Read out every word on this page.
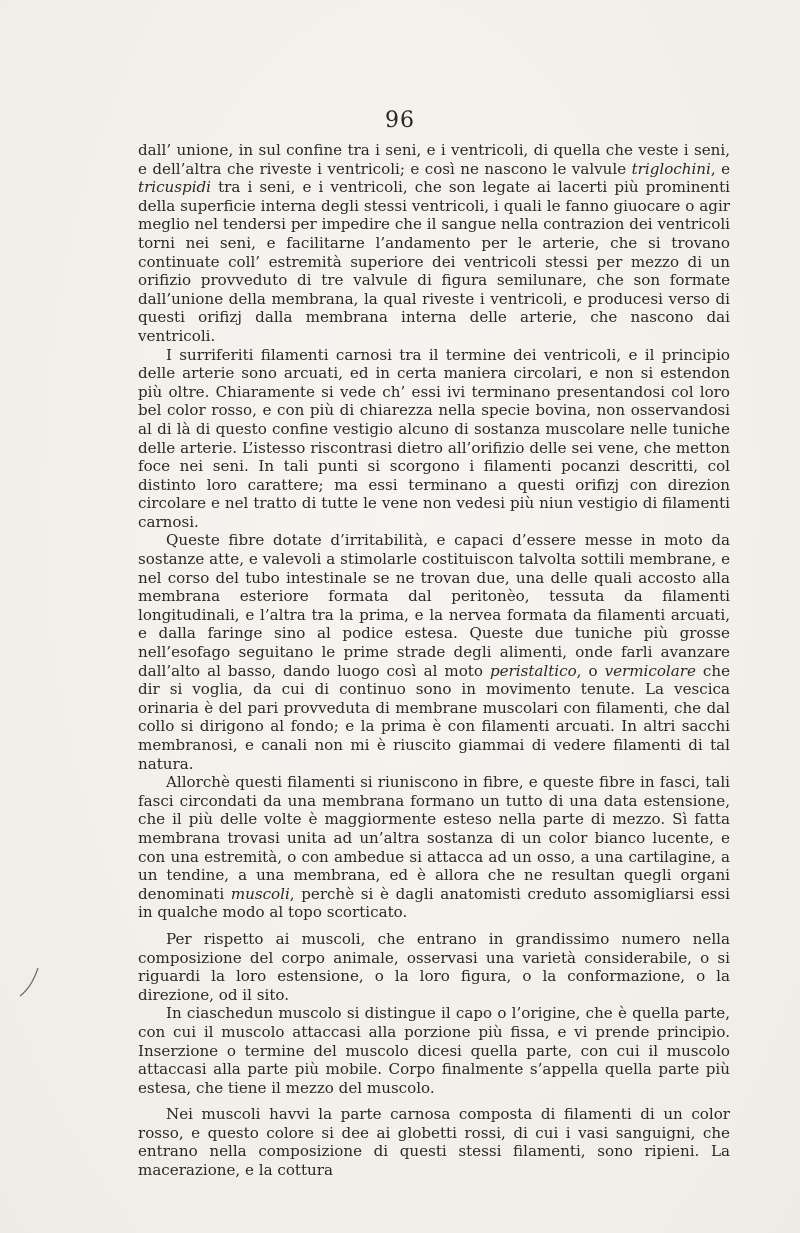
96

dall’ unione, in sul confine tra i seni, e i ventricoli, di quella che veste i seni, e dell’altra che riveste i ventricoli; e così ne nascono le valvule triglochini, e tricuspidi tra i seni, e i ventricoli, che son legate ai lacerti più prominenti della superficie interna degli stessi ventricoli, i quali le fanno giuocare o agir meglio nel tendersi per impedire che il sangue nella contrazion dei ventricoli torni nei seni, e facilitarne l’andamento per le arterie, che si trovano continuate coll’ estremità superiore dei ventricoli stessi per mezzo di un orifizio provveduto di tre valvule di figura semilunare, che son formate dall’unione della membrana, la qual riveste i ventricoli, e producesi verso di questi orifizj dalla membrana interna delle arterie, che nascono dai ventricoli.

I surriferiti filamenti carnosi tra il termine dei ventricoli, e il principio delle arterie sono arcuati, ed in certa maniera circolari, e non si estendon più oltre. Chiaramente si vede ch’ essi ivi terminano presentandosi col loro bel color rosso, e con più di chiarezza nella specie bovina, non osservandosi al di là di questo confine vestigio alcuno di sostanza muscolare nelle tuniche delle arterie. L’istesso riscontrasi dietro all’orifizio delle sei vene, che metton foce nei seni. In tali punti si scorgono i filamenti pocanzi descritti, col distinto loro carattere; ma essi terminano a questi orifizj con direzion circolare e nel tratto di tutte le vene non vedesi più niun vestigio di filamenti carnosi.

Queste fibre dotate d’irritabilità, e capaci d’essere messe in moto da sostanze atte, e valevoli a stimolarle costituiscon talvolta sottili membrane, e nel corso del tubo intestinale se ne trovan due, una delle quali accosto alla membrana esteriore formata dal peritonèo, tessuta da filamenti longitudinali, e l’altra tra la prima, e la nervea formata da filamenti arcuati, e dalla faringe sino al podice estesa. Queste due tuniche più grosse nell’esofago seguitano le prime strade degli alimenti, onde farli avanzare dall’alto al basso, dando luogo così al moto peristaltico, o vermicolare che dir si voglia, da cui di continuo sono in movimento tenute. La vescica orinaria è del pari provveduta di membrane muscolari con filamenti, che dal collo si dirigono al fondo; e la prima è con filamenti arcuati. In altri sacchi membranosi, e canali non mi è riuscito giammai di vedere filamenti di tal natura.

Allorchè questi filamenti si riuniscono in fibre, e queste fibre in fasci, tali fasci circondati da una membrana formano un tutto di una data estensione, che il più delle volte è maggiormente esteso nella parte di mezzo. Sì fatta membrana trovasi unita ad un’altra sostanza di un color bianco lucente, e con una estremità, o con ambedue si attacca ad un osso, a una cartilagine, a un tendine, a una membrana, ed è allora che ne resultan quegli organi denominati muscoli, perchè si è dagli anatomisti creduto assomigliarsi essi in qualche modo al topo scorticato.

Per rispetto ai muscoli, che entrano in grandissimo numero nella composizione del corpo animale, osservasi una varietà considerabile, o si riguardi la loro estensione, o la loro figura, o la conformazione, o la direzione, od il sito.

In ciaschedun muscolo si distingue il capo o l’origine, che è quella parte, con cui il muscolo attaccasi alla porzione più fissa, e vi prende principio. Inserzione o termine del muscolo dicesi quella parte, con cui il muscolo attaccasi alla parte più mobile. Corpo finalmente s’appella quella parte più estesa, che tiene il mezzo del muscolo.

Nei muscoli havvi la parte carnosa composta di filamenti di un color rosso, e questo colore si dee ai globetti rossi, di cui i vasi sanguigni, che entrano nella composizione di questi stessi filamenti, sono ripieni. La macerazione, e la cottura
